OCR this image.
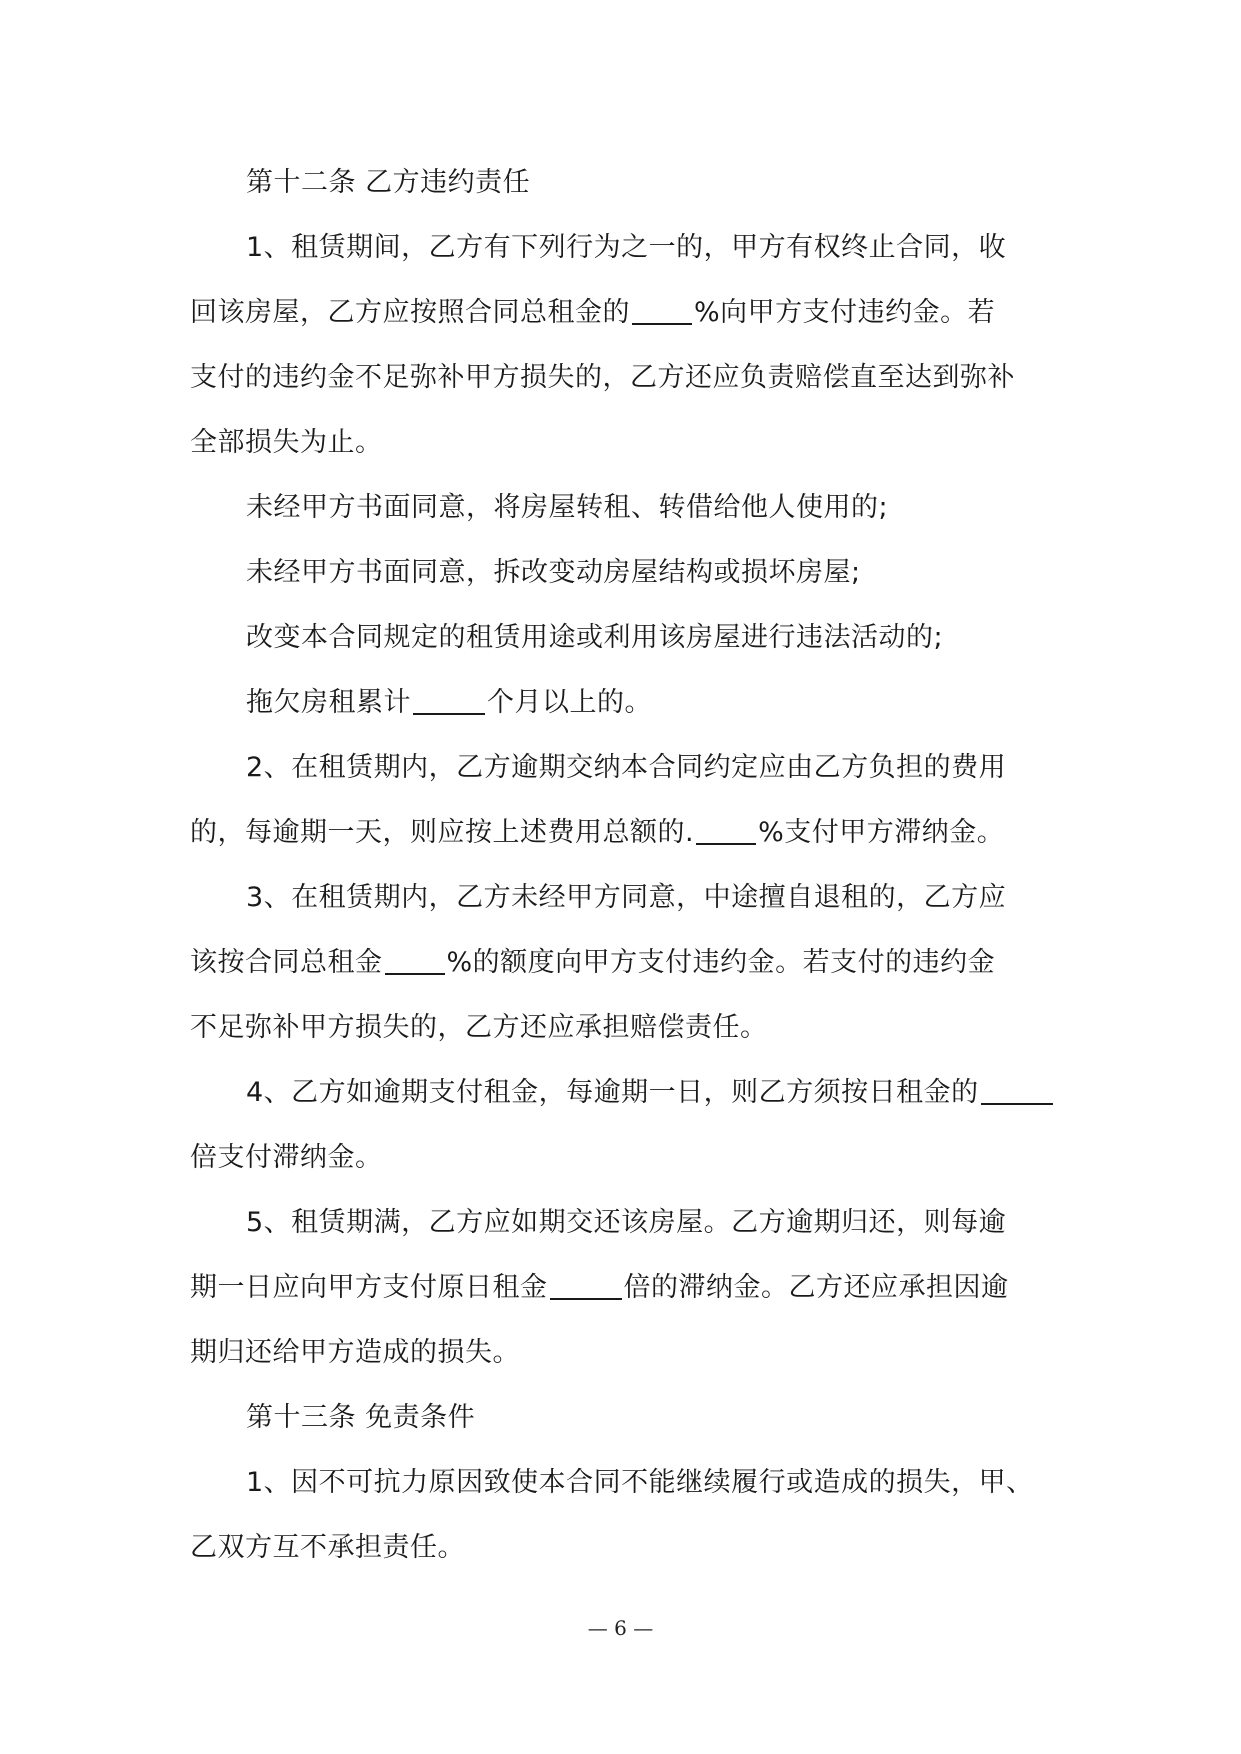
第十二条 乙方违约责任
1、租赁期间，乙方有下列行为之一的，甲方有权终止合同，收
回该房屋，乙方应按照合同总租金的 %向甲方支付违约金。若
支付的违约金不足弥补甲方损失的，乙方还应负责赔偿直至达到弥补
全部损失为止。
未经甲方书面同意，将房屋转租、转借给他人使用的;
未经甲方书面同意，拆改变动房屋结构或损坏房屋;
改变本合同规定的租赁用途或利用该房屋进行违法活动的;
拖欠房租累计	个月以上的。
2、在租赁期内，乙方逾期交纳本合同约定应由乙方负担的费用
的，每逾期一天，则应按上述费用总额的. %支付甲方滞纳金。
3、在租赁期内，乙方未经甲方同意，中途擅自退租的，乙方应
该按合同总租金 %的额度向甲方支付违约金。若支付的违约金
不足弥补甲方损失的，乙方还应承担赔偿责任。
4、乙方如逾期支付租金，每逾期一日，则乙方须按日租金的
倍支付滞纳金。
5、租赁期满，乙方应如期交还该房屋。乙方逾期归还，则每逾
期一日应向甲方支付原日租金	倍的滞纳金。乙方还应承担因逾
期归还给甲方造成的损失。
第十三条 免责条件
1、因不可抗力原因致使本合同不能继续履行或造成的损失，甲、
乙双方互不承担责任。
— 6 —
